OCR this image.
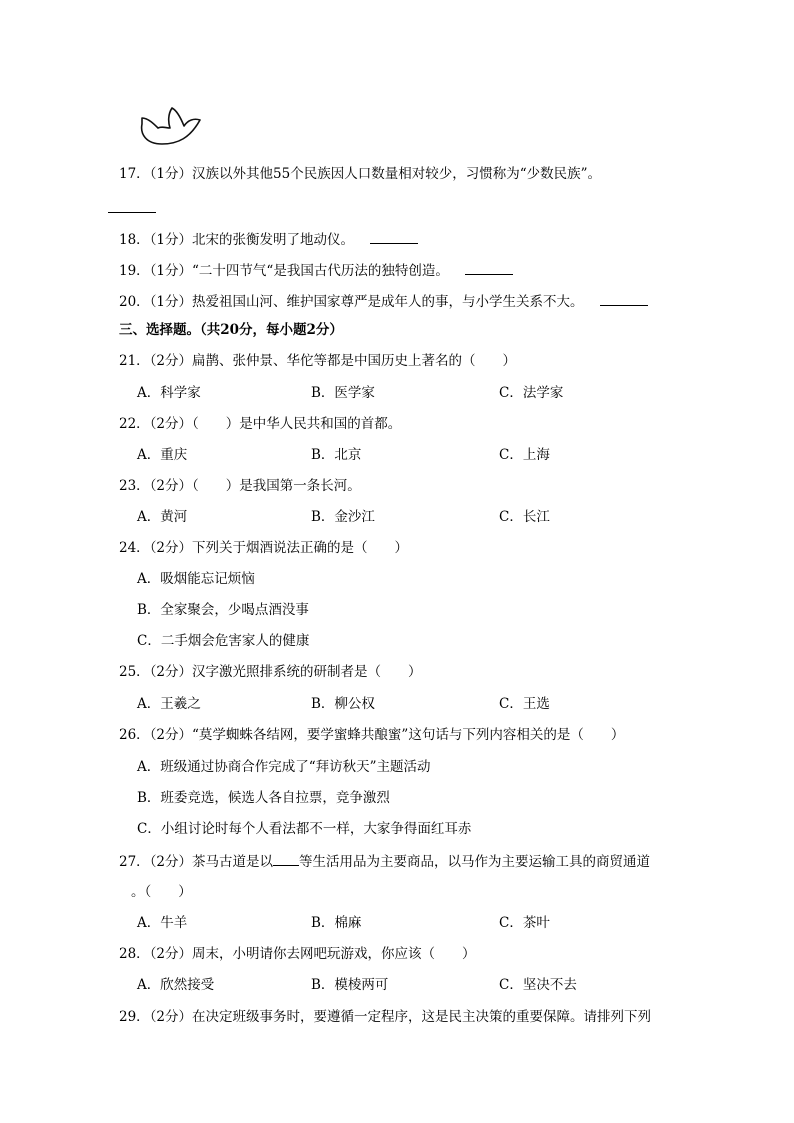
17．（1分）汉族以外其他55个民族因人口数量相对较少，习惯称为“少数民族”。
18．（1分）北宋的张衡发明了地动仪。
19．（1分）“二十四节气“是我国古代历法的独特创造。
20．（1分）热爱祖国山河、维护国家尊严是成年人的事，与小学生关系不大。
三、选择题。（共20分，每小题2分）
21．（2分）扁鹊、张仲景、华佗等都是中国历史上著名的（　　）
A．科学家	B．医学家	C．法学家
22．（2分）（　　）是中华人民共和国的首都。
A．重庆	B．北京	C．上海
23．（2分）（　　）是我国第一条长河。
A．黄河	B．金沙江	C．长江
24．（2分）下列关于烟酒说法正确的是（　　）
A．吸烟能忘记烦恼
B．全家聚会，少喝点酒没事
C．二手烟会危害家人的健康
25．（2分）汉字激光照排系统的研制者是（　　）
A．王羲之	B．柳公权	C．王选
26．（2分）“莫学蜘蛛各结网，要学蜜蜂共酿蜜”这句话与下列内容相关的是（　　）
A．班级通过协商合作完成了“拜访秋天”主题活动
B．班委竞选，候选人各自拉票，竞争激烈
C．小组讨论时每个人看法都不一样，大家争得面红耳赤
27．（2分）茶马古道是以 等生活用品为主要商品，以马作为主要运输工具的商贸通道
。（　　）
A．牛羊	B．棉麻	C．茶叶
28．（2分）周末，小明请你去网吧玩游戏，你应该（　　）
A．欣然接受	B．模棱两可	C．坚决不去
29．（2分）在决定班级事务时，要遵循一定程序，这是民主决策的重要保障。请排列下列
